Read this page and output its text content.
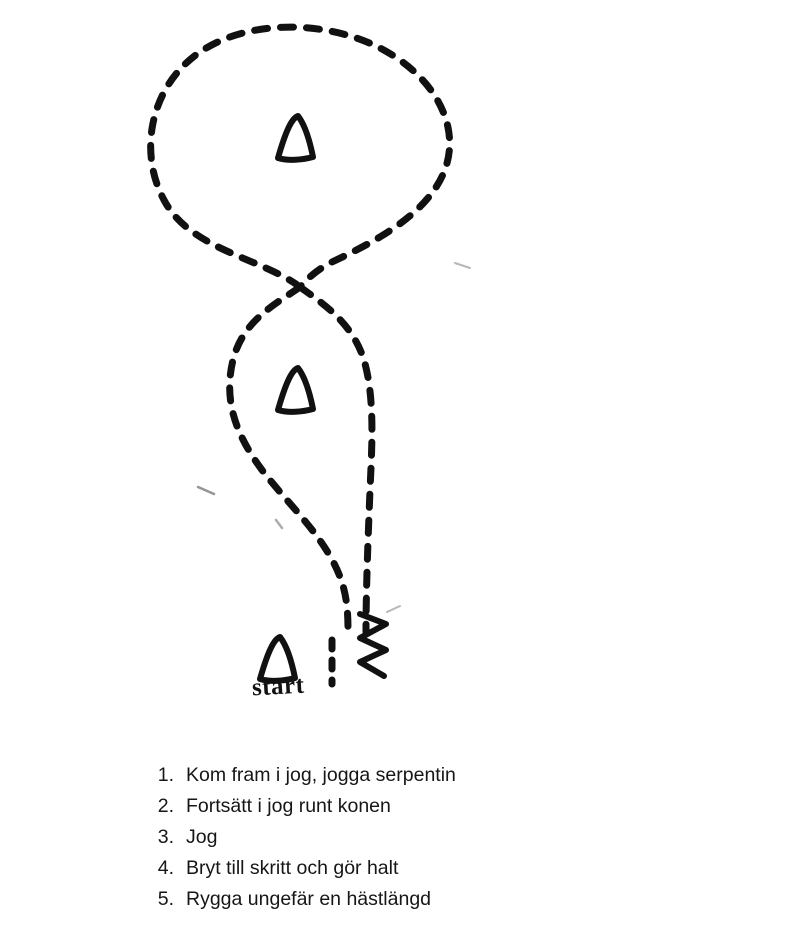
start
1. Kom fram i jog, jogga serpentin
2. Fortsätt i jog runt konen
3. Jog
4. Bryt till skritt och gör halt
5. Rygga ungefär en hästlängd
